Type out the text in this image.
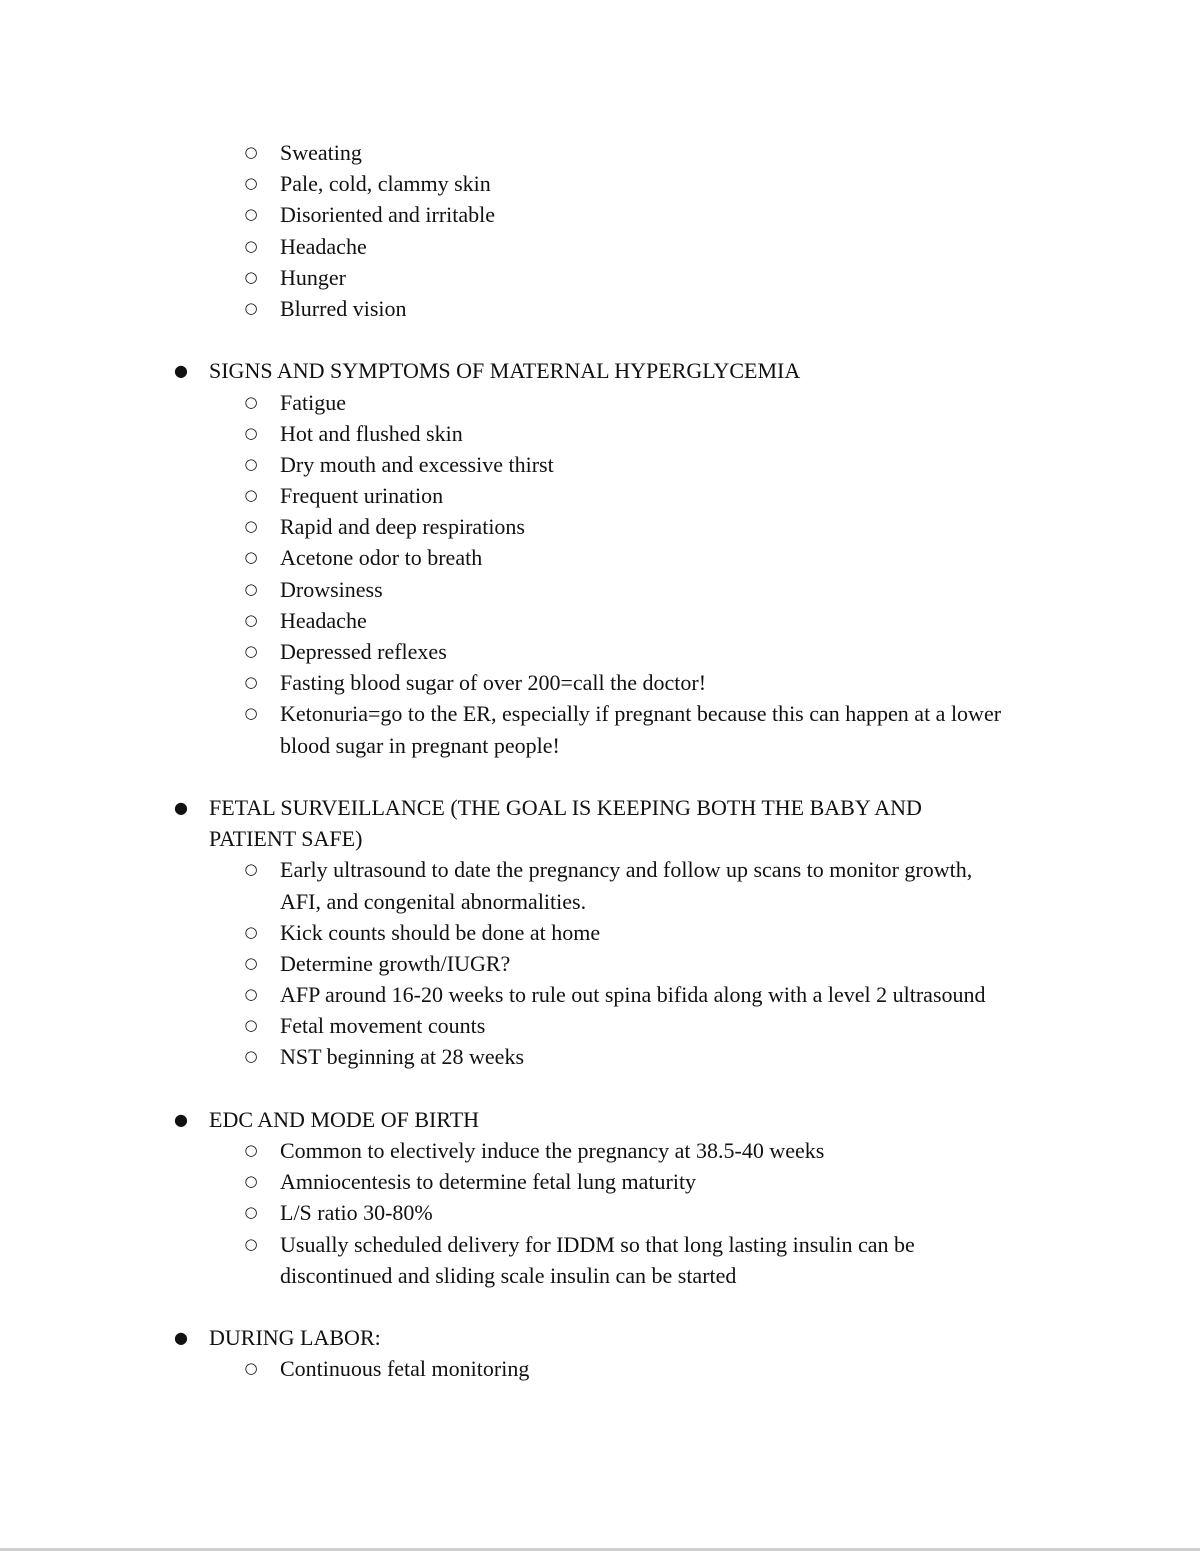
○ Sweating
○ Pale, cold, clammy skin
○ Disoriented and irritable
○ Headache
○ Hunger
○ Blurred vision
● SIGNS AND SYMPTOMS OF MATERNAL HYPERGLYCEMIA
○ Fatigue
○ Hot and flushed skin
○ Dry mouth and excessive thirst
○ Frequent urination
○ Rapid and deep respirations
○ Acetone odor to breath
○ Drowsiness
○ Headache
○ Depressed reflexes
○ Fasting blood sugar of over 200=call the doctor!
○ Ketonuria=go to the ER, especially if pregnant because this can happen at a lower
blood sugar in pregnant people!
● FETAL SURVEILLANCE (THE GOAL IS KEEPING BOTH THE BABY AND
PATIENT SAFE)
○ Early ultrasound to date the pregnancy and follow up scans to monitor growth,
AFI, and congenital abnormalities.
○ Kick counts should be done at home
○ Determine growth/IUGR?
○ AFP around 16-20 weeks to rule out spina bifida along with a level 2 ultrasound
○ Fetal movement counts
○ NST beginning at 28 weeks
● EDC AND MODE OF BIRTH
○ Common to electively induce the pregnancy at 38.5-40 weeks
○ Amniocentesis to determine fetal lung maturity
○ L/S ratio 30-80%
○ Usually scheduled delivery for IDDM so that long lasting insulin can be
discontinued and sliding scale insulin can be started
● DURING LABOR:
○ Continuous fetal monitoring
